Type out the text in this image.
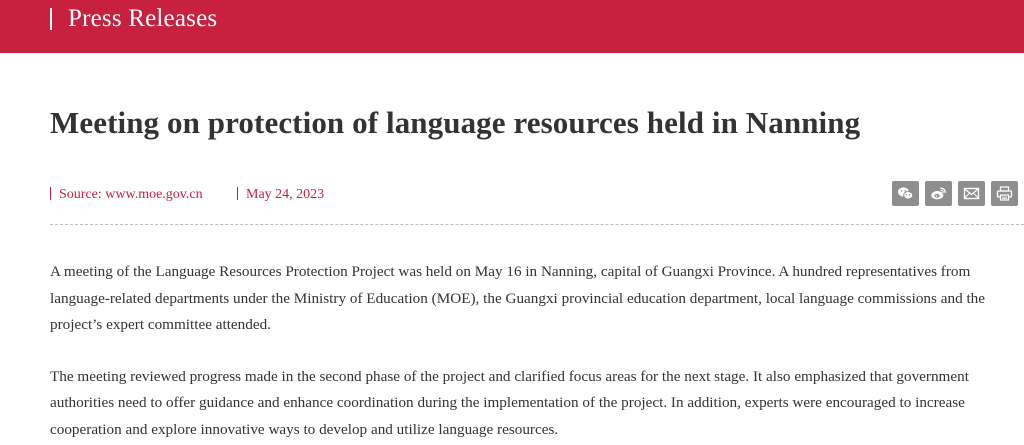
Press Releases
Meeting on protection of language resources held in Nanning
Source: www.moe.gov.cn	May 24, 2023

A meeting of the Language Resources Protection Project was held on May 16 in Nanning, capital of Guangxi Province. A hundred representatives from language-related departments under the Ministry of Education (MOE), the Guangxi provincial education department, local language commissions and the project’s expert committee attended.

The meeting reviewed progress made in the second phase of the project and clarified focus areas for the next stage. It also emphasized that government authorities need to offer guidance and enhance coordination during the implementation of the project. In addition, experts were encouraged to increase cooperation and explore innovative ways to develop and utilize language resources.
